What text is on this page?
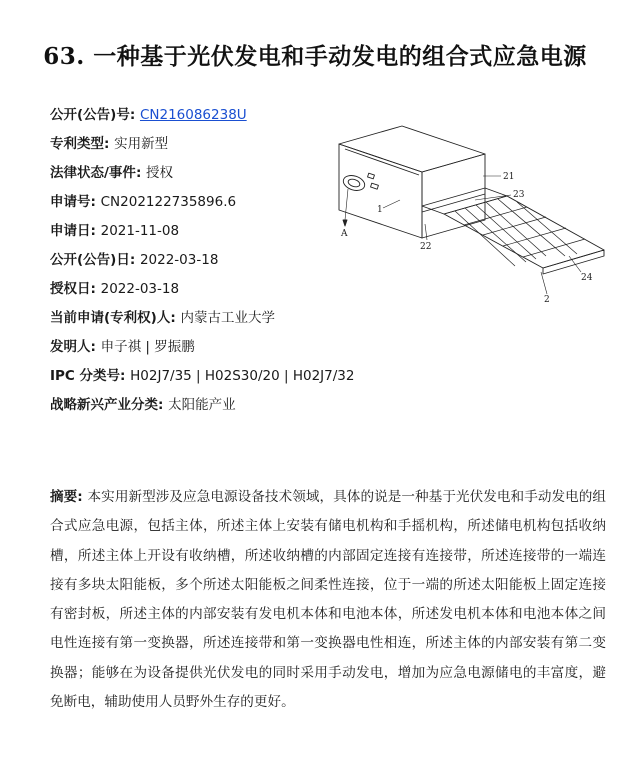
63. 一种基于光伏发电和手动发电的组合式应急电源
公开(公告)号: CN216086238U
专利类型: 实用新型
法律状态/事件: 授权
申请号: CN202122735896.6
申请日: 2021-11-08
公开(公告)日: 2022-03-18
授权日: 2022-03-18
当前申请(专利权)人: 内蒙古工业大学
发明人: 申子祺 | 罗振鹏
IPC 分类号: H02J7/35 | H02S30/20 | H02J7/32
战略新兴产业分类: 太阳能产业
A
1
21
23
22
24
2
摘要: 本实用新型涉及应急电源设备技术领域，具体的说是一种基于光伏发电和手动发电的组合式应急电源，包括主体，所述主体上安装有储电机构和手摇机构，所述储电机构包括收纳槽，所述主体上开设有收纳槽，所述收纳槽的内部固定连接有连接带，所述连接带的一端连接有多块太阳能板，多个所述太阳能板之间柔性连接，位于一端的所述太阳能板上固定连接有密封板，所述主体的内部安装有发电机本体和电池本体，所述发电机本体和电池本体之间电性连接有第一变换器，所述连接带和第一变换器电性相连，所述主体的内部安装有第二变换器；能够在为设备提供光伏发电的同时采用手动发电，增加为应急电源储电的丰富度，避免断电，辅助使用人员野外生存的更好。
